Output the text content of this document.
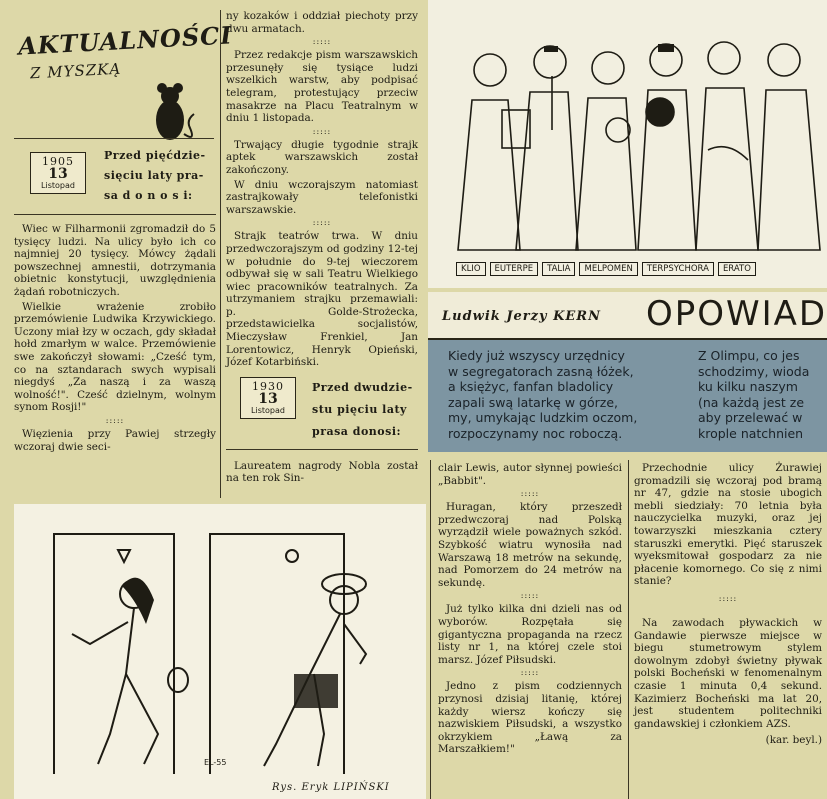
AKTUALNOŚCI
Z MYSZKĄ
1905
13
Listopad
Przed pięćdzie-
sięciu laty pra-
sa d o n o s i:

Wiec w Filharmonii zgromadził do 5 tysięcy ludzi. Na ulicy było ich co najmniej 20 tysięcy. Mówcy żądali powszechnej amnestii, dotrzymania obietnic konstytucji, uwzględnienia żądań robotniczych.

Wielkie wrażenie zrobiło przemówienie Ludwika Krzywickiego. Uczony miał łzy w oczach, gdy składał hołd zmarłym w walce. Przemówienie swe zakończył słowami: „Cześć tym, co na sztandarach swych wypisali niegdyś „Za naszą i za waszą wolność!". Cześć dzielnym, wolnym synom Rosji!"

:::::

Więzienia przy Pawiej strzegły wczoraj dwie seci-

ny kozaków i oddział piechoty przy dwu armatach.

:::::

Przez redakcje pism warszawskich przesunęły się tysiące ludzi wszelkich warstw, aby podpisać telegram, protestujący przeciw masakrze na Placu Teatralnym w dniu 1 listopada.

:::::

Trwający długie tygodnie strajk aptek warszawskich został zakończony.

W dniu wczorajszym natomiast zastrajkowały telefonistki warszawskie.

:::::

Strajk teatrów trwa. W dniu przedwczorajszym od godziny 12-tej w południe do 9-tej wieczorem odbywał się w sali Teatru Wielkiego wiec pracowników teatralnych. Za utrzymaniem strajku przemawiali: p. Golde-Strożecka, przedstawicielka socjalistów, Mieczysław Frenkiel, Jan Lorentowicz, Henryk Opieński, Józef Kotarbiński.

1930
13
Listopad
Przed dwudzie-
stu pięciu laty
prasa donosi:

Laureatem nagrody Nobla został na ten rok Sin-

KLIO	EUTERPE	TALIA	MELPOMEN	TERPSYCHORA	ERATO
Ludwik Jerzy KERN OPOWIAD
Kiedy już wszyscy urzędnicy
w segregatorach zasną łóżek,
a księżyc, fanfan bladolicy
zapali swą latarkę w górze,
my, umykając ludzkim oczom,
rozpoczynamy noc roboczą.
Z Olimpu, co jes
schodzimy, wioda
ku kilku naszym
(na każdą jest ze
aby przelewać w
krople natchnien
EL-55
Rys. Eryk LIPIŃSKI

clair Lewis, autor słynnej powieści „Babbit".

:::::

Huragan, który przeszedł przedwczoraj nad Polską wyrządził wiele poważnych szkód. Szybkość wiatru wynosiła nad Warszawą 18 metrów na sekundę, nad Pomorzem do 24 metrów na sekundę.

:::::

Już tylko kilka dni dzieli nas od wyborów. Rozpętała się gigantyczna propaganda na rzecz listy nr 1, na której czele stoi marsz. Józef Piłsudski.

:::::

Jedno z pism codziennych przynosi dzisiaj litanię, której każdy wiersz kończy się nazwiskiem Piłsudski, a wszystko okrzykiem „Ławą za Marszałkiem!"

Przechodnie ulicy Żurawiej gromadzili się wczoraj pod bramą nr 47, gdzie na stosie ubogich mebli siedziały: 70 letnia była nauczycielka muzyki, oraz jej towarzyszki mieszkania cztery staruszki emerytki. Pięć staruszek wyeksmitował gospodarz za nie płacenie komornego. Co się z nimi stanie?

:::::

Na zawodach pływackich w Gandawie pierwsze miejsce w biegu stumetrowym stylem dowolnym zdobył świetny pływak polski Bocheński w fenomenalnym czasie 1 minuta 0,4 sekund. Kazimierz Bocheński ma lat 20, jest studentem politechniki gandawskiej i członkiem AZS.

(kar. beyl.)
